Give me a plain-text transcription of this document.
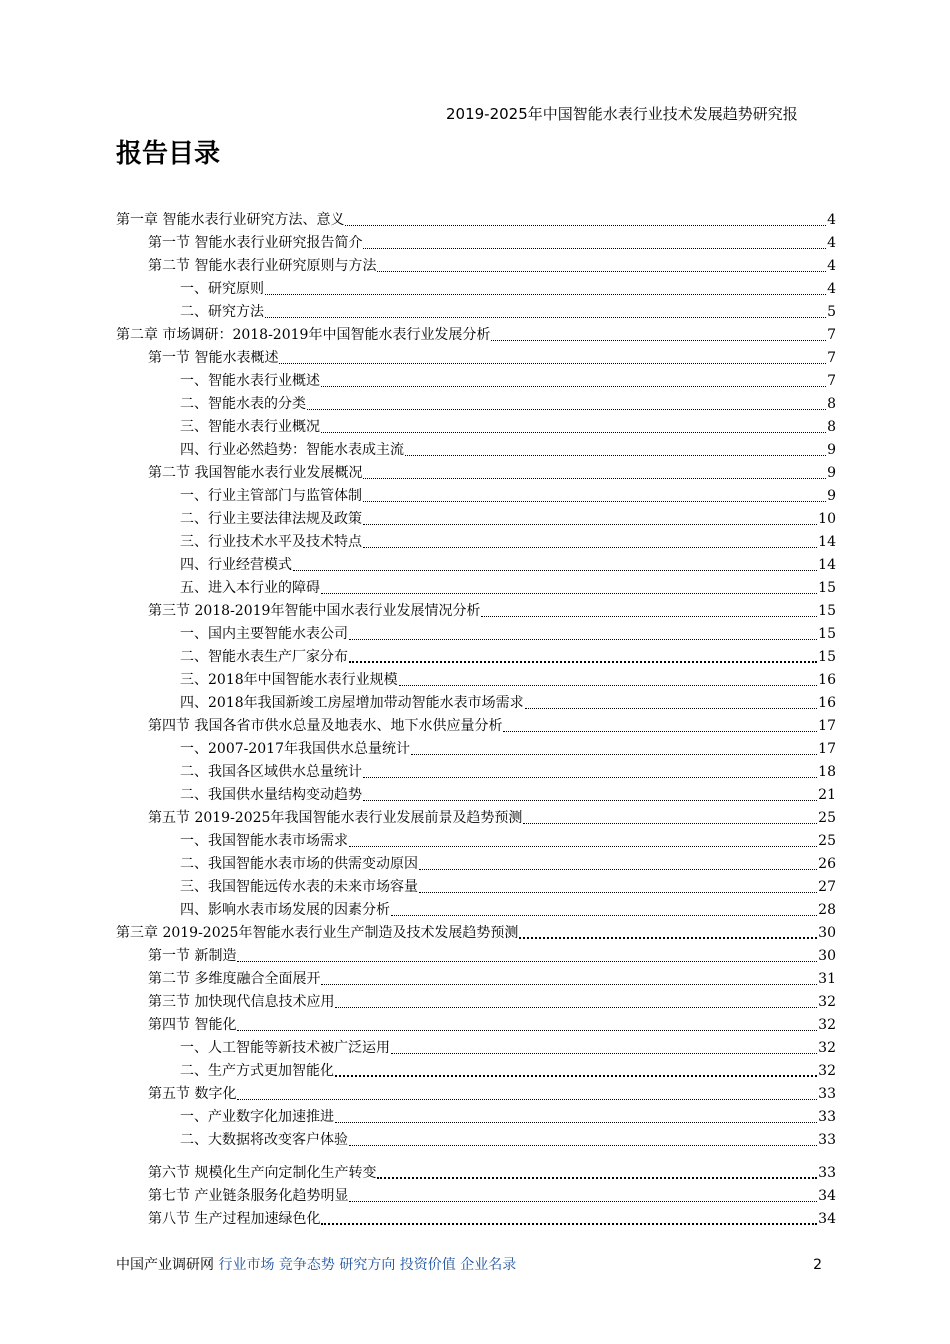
2019-2025年中国智能水表行业技术发展趋势研究报
报告目录
第一章 智能水表行业研究方法、意义	4
第一节 智能水表行业研究报告简介	4
第二节 智能水表行业研究原则与方法	4
一、研究原则	4
二、研究方法	5
第二章 市场调研：2018-2019年中国智能水表行业发展分析	7
第一节 智能水表概述	7
一、智能水表行业概述	7
二、智能水表的分类	8
三、智能水表行业概况	8
四、行业必然趋势：智能水表成主流	9
第二节 我国智能水表行业发展概况	9
一、行业主管部门与监管体制	9
二、行业主要法律法规及政策	10
三、行业技术水平及技术特点	14
四、行业经营模式	14
五、进入本行业的障碍	15
第三节 2018-2019年智能中国水表行业发展情况分析	15
一、国内主要智能水表公司	15
二、智能水表生产厂家分布	15
三、2018年中国智能水表行业规模	16
四、2018年我国新竣工房屋增加带动智能水表市场需求	16
第四节 我国各省市供水总量及地表水、地下水供应量分析	17
一、2007-2017年我国供水总量统计	17
二、我国各区域供水总量统计	18
二、我国供水量结构变动趋势	21
第五节 2019-2025年我国智能水表行业发展前景及趋势预测	25
一、我国智能水表市场需求	25
二、我国智能水表市场的供需变动原因	26
三、我国智能远传水表的未来市场容量	27
四、影响水表市场发展的因素分析	28
第三章 2019-2025年智能水表行业生产制造及技术发展趋势预测	30
第一节 新制造	30
第二节 多维度融合全面展开	31
第三节 加快现代信息技术应用	32
第四节 智能化	32
一、人工智能等新技术被广泛运用	32
二、生产方式更加智能化	32
第五节 数字化	33
一、产业数字化加速推进	33
二、大数据将改变客户体验	33
第六节 规模化生产向定制化生产转变	33
第七节 产业链条服务化趋势明显	34
第八节 生产过程加速绿色化	34
中国产业调研网 行业市场 竞争态势 研究方向 投资价值 企业名录	2
